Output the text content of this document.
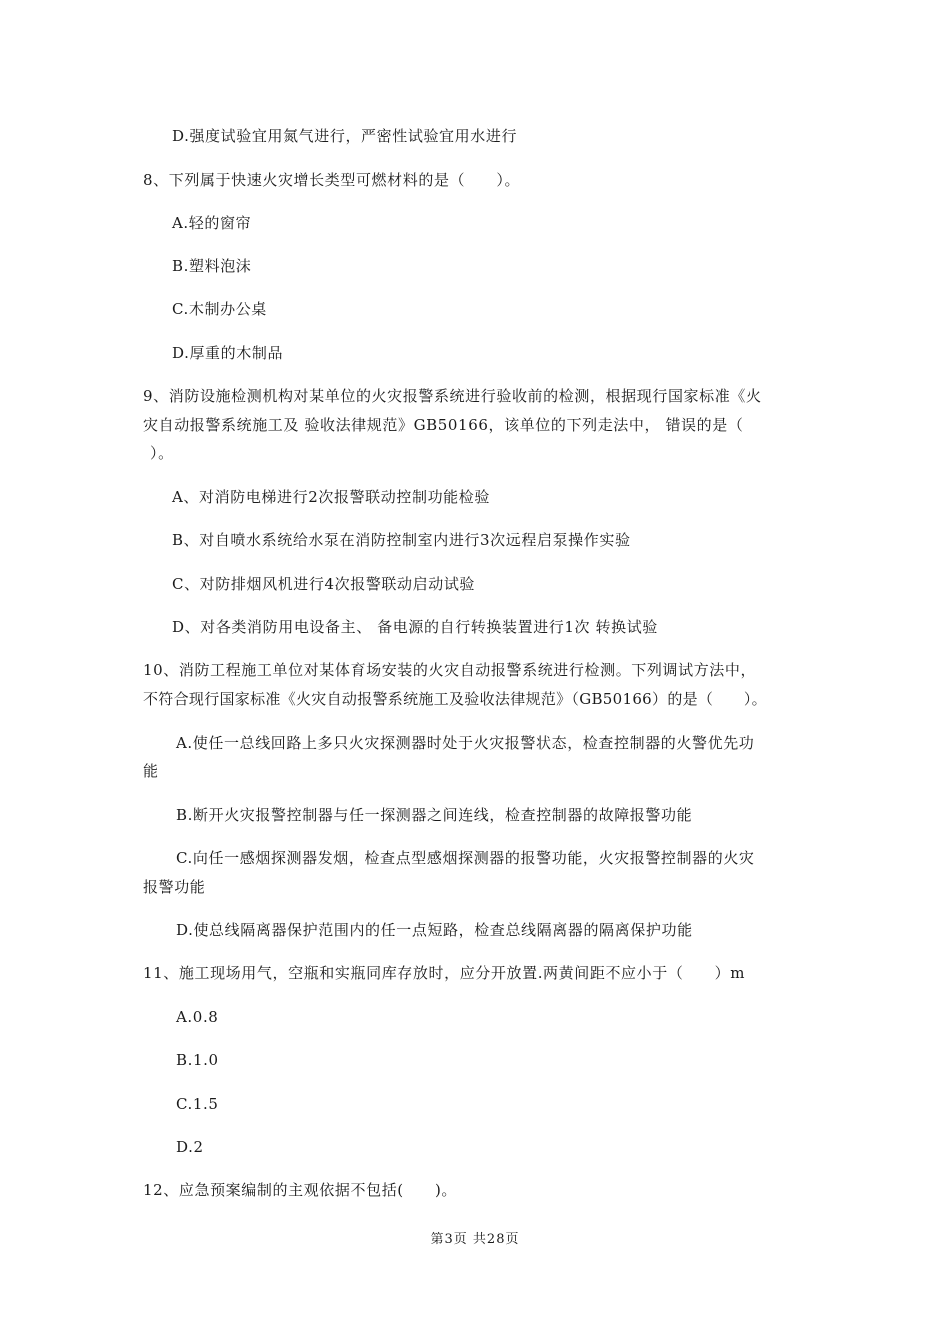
D.强度试验宜用氮气进行，严密性试验宜用水进行
8、下列属于快速火灾增长类型可燃材料的是（　　）。
A.轻的窗帘
B.塑料泡沫
C.木制办公桌
D.厚重的木制品
9、消防设施检测机构对某单位的火灾报警系统进行验收前的检测，根据现行国家标准《火
灾自动报警系统施工及 验收法律规范》GB50166，该单位的下列走法中， 错误的是（
）。
A、对消防电梯进行2次报警联动控制功能检验
B、对自喷水系统给水泵在消防控制室内进行3次远程启泵操作实验
C、对防排烟风机进行4次报警联动启动试验
D、对各类消防用电设备主、 备电源的自行转换装置进行1次 转换试验
10、消防工程施工单位对某体育场安装的火灾自动报警系统进行检测。下列调试方法中，
不符合现行国家标准《火灾自动报警系统施工及验收法律规范》（GB50166）的是（　　）。
A.使任一总线回路上多只火灾探测器时处于火灾报警状态，检查控制器的火警优先功
能
B.断开火灾报警控制器与任一探测器之间连线，检查控制器的故障报警功能
C.向任一感烟探测器发烟，检查点型感烟探测器的报警功能，火灾报警控制器的火灾
报警功能
D.使总线隔离器保护范围内的任一点短路，检查总线隔离器的隔离保护功能
11、施工现场用气，空瓶和实瓶同库存放时，应分开放置.两黄间距不应小于（　　）m
A.0.8
B.1.0
C.1.5
D.2
12、应急预案编制的主观依据不包括(　　)。
第3页 共28页
